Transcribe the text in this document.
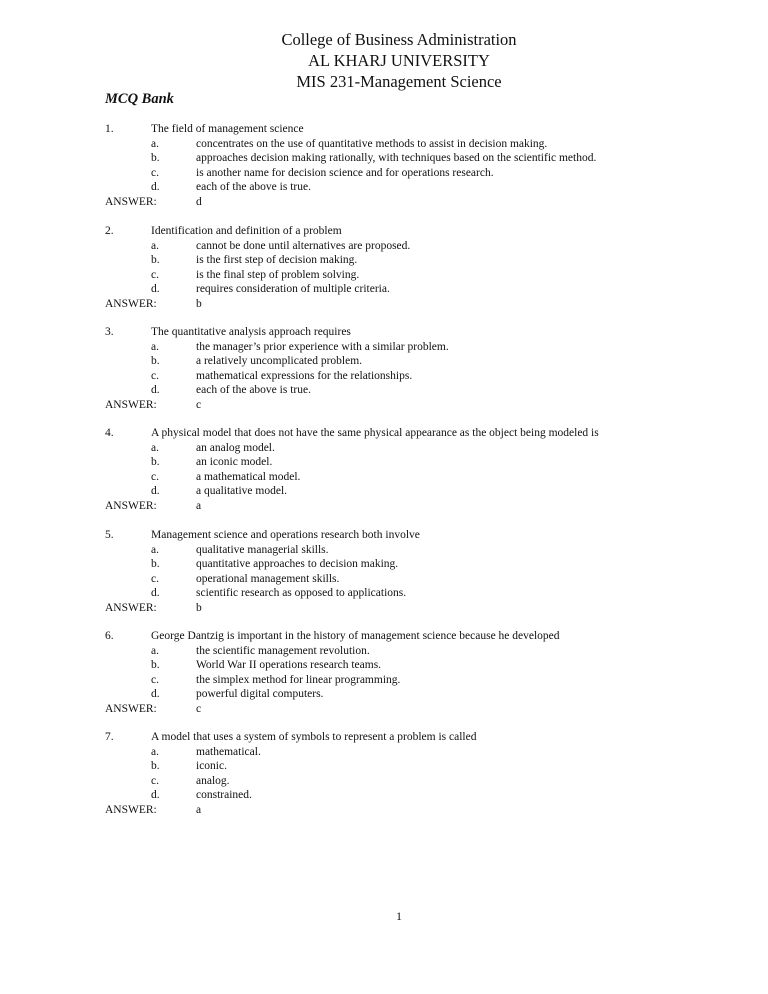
College of Business Administration
AL KHARJ UNIVERSITY
MIS 231-Management Science
MCQ Bank
1.	The field of management science
a.	concentrates on the use of quantitative methods to assist in decision making.
b.	approaches decision making rationally, with techniques based on the scientific method.
c.	is another name for decision science and for operations research.
d.	each of the above is true.
ANSWER:	d
2.	Identification and definition of a problem
a.	cannot be done until alternatives are proposed.
b.	is the first step of decision making.
c.	is the final step of problem solving.
d.	requires consideration of multiple criteria.
ANSWER:	b
3.	The quantitative analysis approach requires
a.	the manager’s prior experience with a similar problem.
b.	a relatively uncomplicated problem.
c.	mathematical expressions for the relationships.
d.	each of the above is true.
ANSWER:	c
4.	A physical model that does not have the same physical appearance as the object being modeled is
a.	an analog model.
b.	an iconic model.
c.	a mathematical model.
d.	a qualitative model.
ANSWER:	a
5.	Management science and operations research both involve
a.	qualitative managerial skills.
b.	quantitative approaches to decision making.
c.	operational management skills.
d.	scientific research as opposed to applications.
ANSWER:	b
6.	George Dantzig is important in the history of management science because he developed
a.	the scientific management revolution.
b.	World War II operations research teams.
c.	the simplex method for linear programming.
d.	powerful digital computers.
ANSWER:	c
7.	A model that uses a system of symbols to represent a problem is called
a.	mathematical.
b.	iconic.
c.	analog.
d.	constrained.
ANSWER:	a
1
